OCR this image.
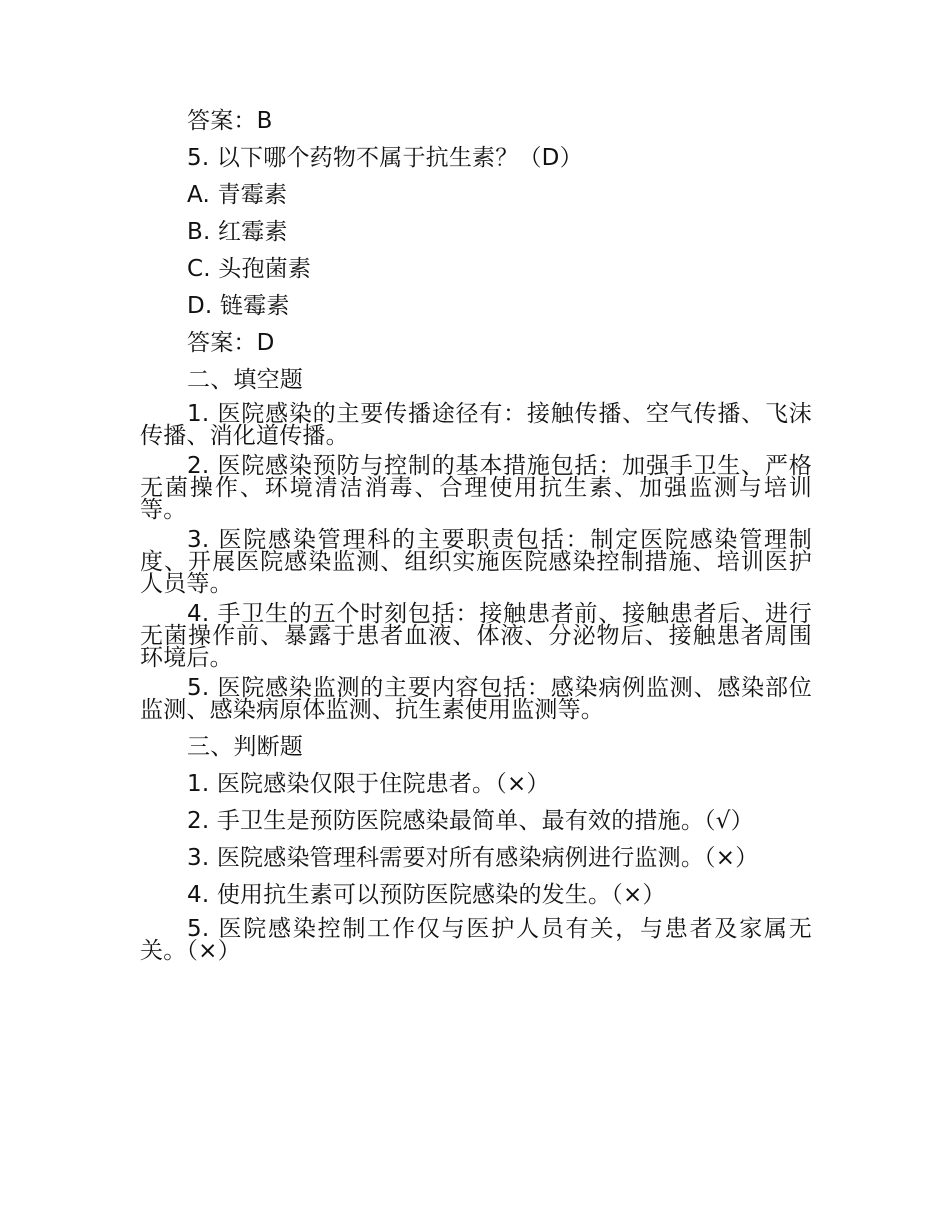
答案：B

5. 以下哪个药物不属于抗生素？（D）

A. 青霉素

B. 红霉素

C. 头孢菌素

D. 链霉素

答案：D

二、填空题

1. 医院感染的主要传播途径有：接触传播、空气传播、飞沫传播、消化道传播。

2. 医院感染预防与控制的基本措施包括：加强手卫生、严格无菌操作、环境清洁消毒、合理使用抗生素、加强监测与培训等。

3. 医院感染管理科的主要职责包括：制定医院感染管理制度、开展医院感染监测、组织实施医院感染控制措施、培训医护人员等。

4. 手卫生的五个时刻包括：接触患者前、接触患者后、进行无菌操作前、暴露于患者血液、体液、分泌物后、接触患者周围环境后。

5. 医院感染监测的主要内容包括：感染病例监测、感染部位监测、感染病原体监测、抗生素使用监测等。

三、判断题

1. 医院感染仅限于住院患者。（×）

2. 手卫生是预防医院感染最简单、最有效的措施。（√）

3. 医院感染管理科需要对所有感染病例进行监测。（×）

4. 使用抗生素可以预防医院感染的发生。（×）

5. 医院感染控制工作仅与医护人员有关，与患者及家属无关。（×）
